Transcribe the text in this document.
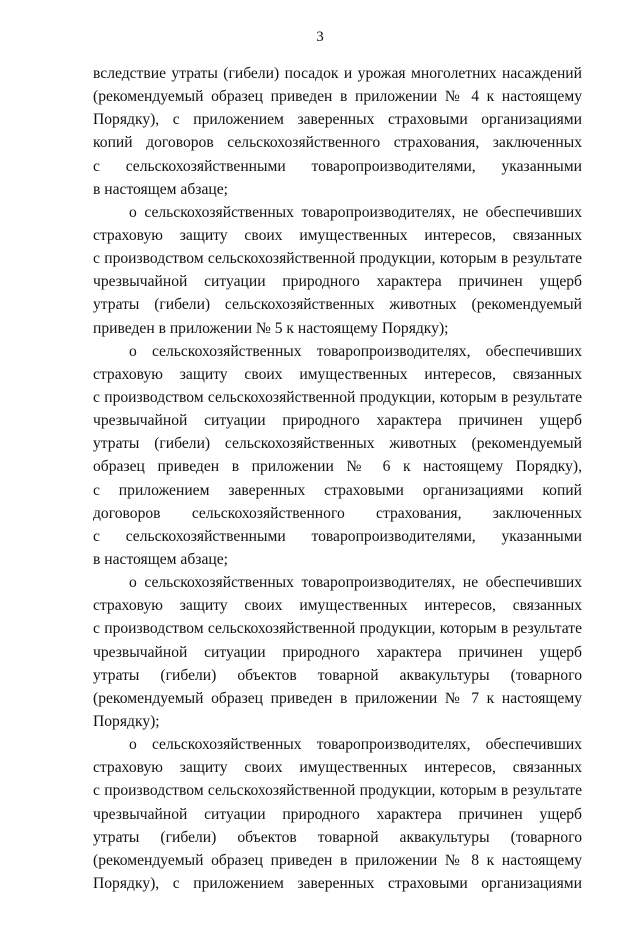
3
вследствие утраты (гибели) посадок и урожая многолетних насаждений
(рекомендуемый образец приведен в приложении № 4 к настоящему
Порядку), с приложением заверенных страховыми организациями
копий договоров сельскохозяйственного страхования, заключенных
с сельскохозяйственными товаропроизводителями, указанными
в настоящем абзаце;
о сельскохозяйственных товаропроизводителях, не обеспечивших
страховую защиту своих имущественных интересов, связанных
с производством сельскохозяйственной продукции, которым в результате
чрезвычайной ситуации природного характера причинен ущерб
утраты (гибели) сельскохозяйственных животных (рекомендуемый
приведен в приложении № 5 к настоящему Порядку);
о сельскохозяйственных товаропроизводителях, обеспечивших
страховую защиту своих имущественных интересов, связанных
с производством сельскохозяйственной продукции, которым в результате
чрезвычайной ситуации природного характера причинен ущерб
утраты (гибели) сельскохозяйственных животных (рекомендуемый
образец приведен в приложении № 6 к настоящему Порядку),
с приложением заверенных страховыми организациями копий
договоров сельскохозяйственного страхования, заключенных
с сельскохозяйственными товаропроизводителями, указанными
в настоящем абзаце;
о сельскохозяйственных товаропроизводителях, не обеспечивших
страховую защиту своих имущественных интересов, связанных
с производством сельскохозяйственной продукции, которым в результате
чрезвычайной ситуации природного характера причинен ущерб
утраты (гибели) объектов товарной аквакультуры (товарного
(рекомендуемый образец приведен в приложении № 7 к настоящему
Порядку);
о сельскохозяйственных товаропроизводителях, обеспечивших
страховую защиту своих имущественных интересов, связанных
с производством сельскохозяйственной продукции, которым в результате
чрезвычайной ситуации природного характера причинен ущерб
утраты (гибели) объектов товарной аквакультуры (товарного
(рекомендуемый образец приведен в приложении № 8 к настоящему
Порядку), с приложением заверенных страховыми организациями
